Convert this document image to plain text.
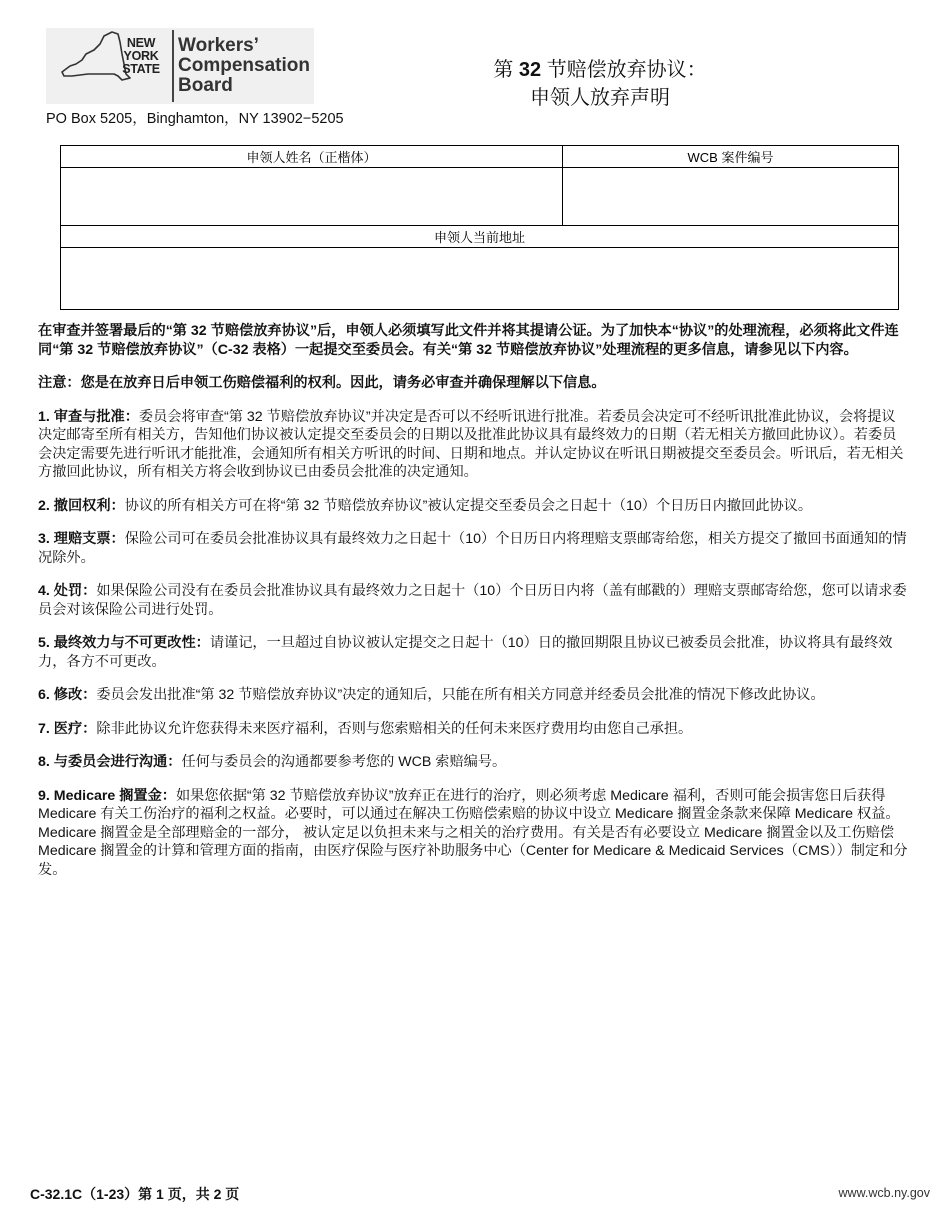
NEW
YORK
STATE
Workers’
Compensation
Board
PO Box 5205，Binghamton，NY 13902−5205
第 32 节赔偿放弃协议：
申领人放弃声明
申领人姓名（正楷体）	WCB 案件编号

申领人当前地址	

在审查并签署最后的“第 32 节赔偿放弃协议”后，申领人必须填写此文件并将其提请公证。为了加快本“协议”的处理流程，必须将此文件连同“第 32 节赔偿放弃协议”（C-32 表格）一起提交至委员会。有关“第 32 节赔偿放弃协议”处理流程的更多信息，请参见以下内容。

注意：您是在放弃日后申领工伤赔偿福利的权利。因此，请务必审查并确保理解以下信息。

1. 审查与批准：委员会将审查“第 32 节赔偿放弃协议”并决定是否可以不经听讯进行批准。若委员会决定可不经听讯批准此协议，会将提议决定邮寄至所有相关方，告知他们协议被认定提交至委员会的日期以及批准此协议具有最终效力的日期（若无相关方撤回此协议）。若委员会决定需要先进行听讯才能批准，会通知所有相关方听讯的时间、日期和地点。并认定协议在听讯日期被提交至委员会。听讯后，若无相关方撤回此协议，所有相关方将会收到协议已由委员会批准的决定通知。

2. 撤回权利：协议的所有相关方可在将“第 32 节赔偿放弃协议”被认定提交至委员会之日起十（10）个日历日内撤回此协议。

3. 理赔支票：保险公司可在委员会批准协议具有最终效力之日起十（10）个日历日内将理赔支票邮寄给您，相关方提交了撤回书面通知的情况除外。

4. 处罚：如果保险公司没有在委员会批准协议具有最终效力之日起十（10）个日历日内将（盖有邮戳的）理赔支票邮寄给您，您可以请求委员会对该保险公司进行处罚。

5. 最终效力与不可更改性：请谨记，一旦超过自协议被认定提交之日起十（10）日的撤回期限且协议已被委员会批准，协议将具有最终效力，各方不可更改。

6. 修改：委员会发出批准“第 32 节赔偿放弃协议”决定的通知后，只能在所有相关方同意并经委员会批准的情况下修改此协议。

7. 医疗：除非此协议允许您获得未来医疗福利，否则与您索赔相关的任何未来医疗费用均由您自己承担。

8. 与委员会进行沟通：任何与委员会的沟通都要参考您的 WCB 索赔编号。

9. Medicare 搁置金：如果您依据“第 32 节赔偿放弃协议”放弃正在进行的治疗，则必须考虑 Medicare 福利，否则可能会损害您日后获得 Medicare 有关工伤治疗的福利之权益。必要时，可以通过在解决工伤赔偿索赔的协议中设立 Medicare 搁置金条款来保障 Medicare 权益。Medicare 搁置金是全部理赔金的一部分， 被认定足以负担未来与之相关的治疗费用。有关是否有必要设立 Medicare 搁置金以及工伤赔偿 Medicare 搁置金的计算和管理方面的指南，由医疗保险与医疗补助服务中心（Center for Medicare & Medicaid Services（CMS））制定和分发。

C-32.1C（1-23）第 1 页，共 2 页	www.wcb.ny.gov
